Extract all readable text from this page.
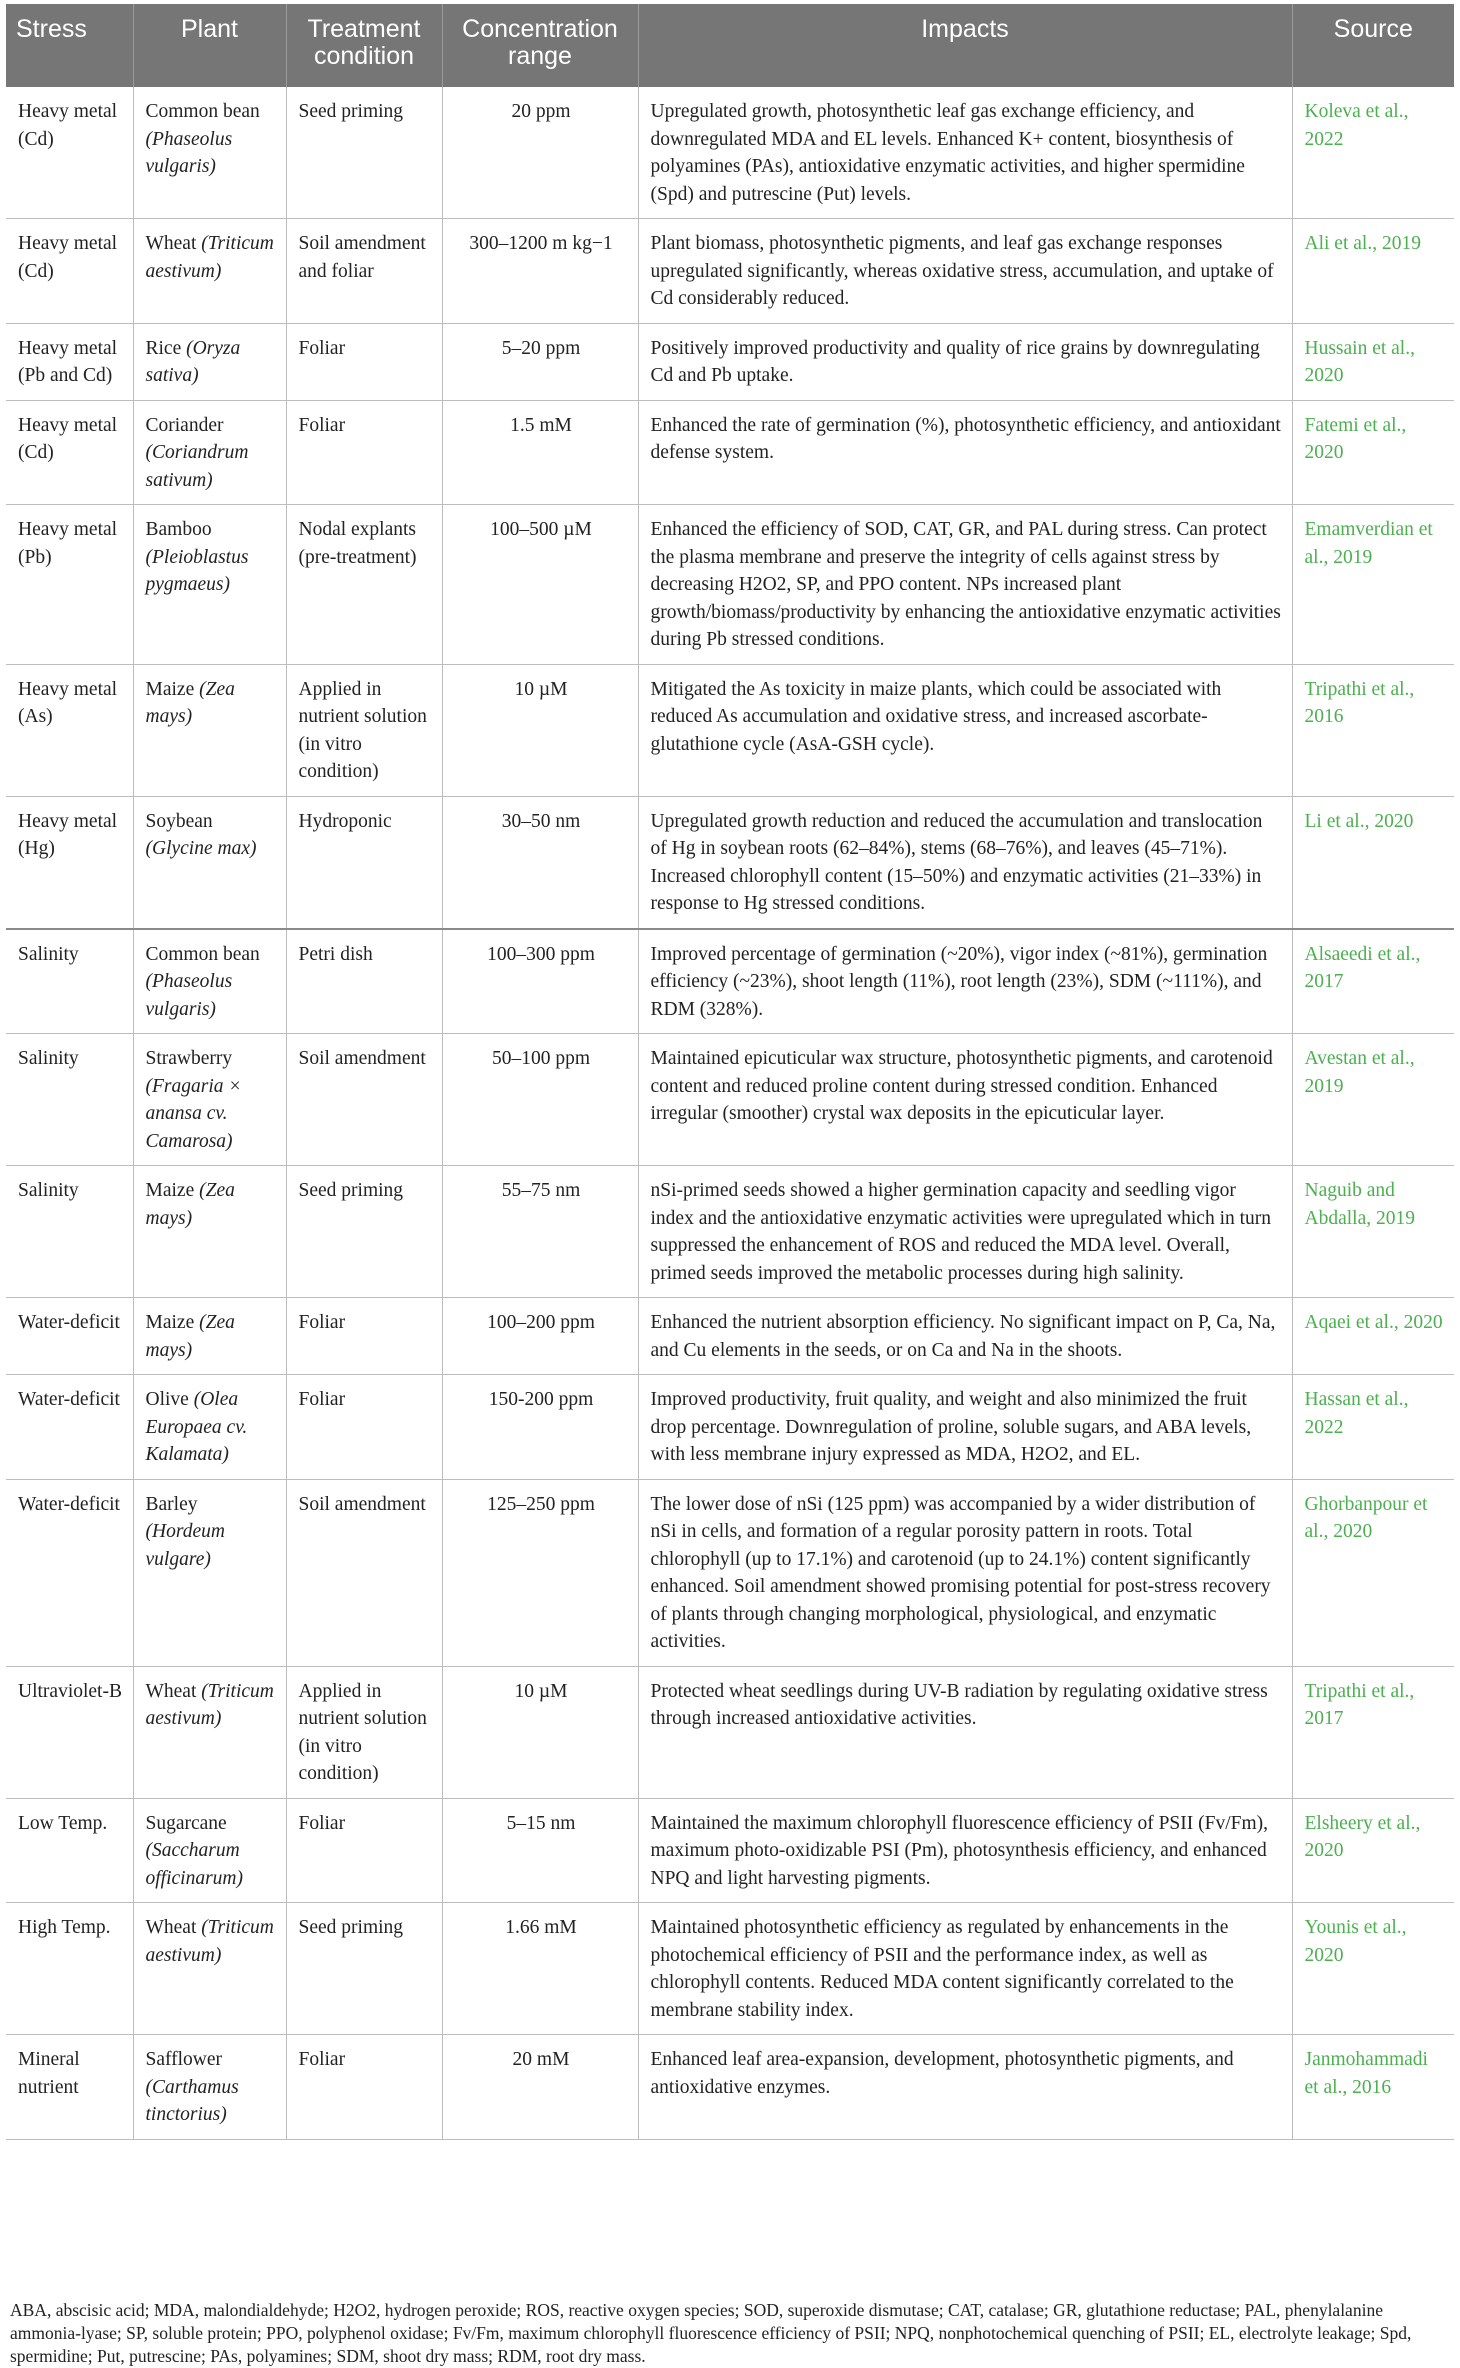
Stress	Plant	Treatment condition	Concentration range	Impacts	Source
Heavy metal (Cd)	Common bean (Phaseolus vulgaris)	Seed priming	20 ppm	Upregulated growth, photosynthetic leaf gas exchange efficiency, and downregulated MDA and EL levels. Enhanced K+ content, biosynthesis of polyamines (PAs), antioxidative enzymatic activities, and higher spermidine (Spd) and putrescine (Put) levels.	Koleva et al., 2022
Heavy metal (Cd)	Wheat (Triticum aestivum)	Soil amendment and foliar	300–1200 m kg−1	Plant biomass, photosynthetic pigments, and leaf gas exchange responses upregulated significantly, whereas oxidative stress, accumulation, and uptake of Cd considerably reduced.	Ali et al., 2019
Heavy metal (Pb and Cd)	Rice (Oryza sativa)	Foliar	5–20 ppm	Positively improved productivity and quality of rice grains by downregulating Cd and Pb uptake.	Hussain et al., 2020
Heavy metal (Cd)	Coriander (Coriandrum sativum)	Foliar	1.5 mM	Enhanced the rate of germination (%), photosynthetic efficiency, and antioxidant defense system.	Fatemi et al., 2020
Heavy metal (Pb)	Bamboo (Pleioblastus pygmaeus)	Nodal explants (pre-treatment)	100–500 µM	Enhanced the efficiency of SOD, CAT, GR, and PAL during stress. Can protect the plasma membrane and preserve the integrity of cells against stress by decreasing H2O2, SP, and PPO content. NPs increased plant growth/biomass/productivity by enhancing the antioxidative enzymatic activities during Pb stressed conditions.	Emamverdian et al., 2019
Heavy metal (As)	Maize (Zea mays)	Applied in nutrient solution (in vitro condition)	10 µM	Mitigated the As toxicity in maize plants, which could be associated with reduced As accumulation and oxidative stress, and increased ascorbate-glutathione cycle (AsA-GSH cycle).	Tripathi et al., 2016
Heavy metal (Hg)	Soybean (Glycine max)	Hydroponic	30–50 nm	Upregulated growth reduction and reduced the accumulation and translocation of Hg in soybean roots (62–84%), stems (68–76%), and leaves (45–71%). Increased chlorophyll content (15–50%) and enzymatic activities (21–33%) in response to Hg stressed conditions.	Li et al., 2020
Salinity	Common bean (Phaseolus vulgaris)	Petri dish	100–300 ppm	Improved percentage of germination (~20%), vigor index (~81%), germination efficiency (~23%), shoot length (11%), root length (23%), SDM (~111%), and RDM (328%).	Alsaeedi et al., 2017
Salinity	Strawberry (Fragaria × anansa cv. Camarosa)	Soil amendment	50–100 ppm	Maintained epicuticular wax structure, photosynthetic pigments, and carotenoid content and reduced proline content during stressed condition. Enhanced irregular (smoother) crystal wax deposits in the epicuticular layer.	Avestan et al., 2019
Salinity	Maize (Zea mays)	Seed priming	55–75 nm	nSi-primed seeds showed a higher germination capacity and seedling vigor index and the antioxidative enzymatic activities were upregulated which in turn suppressed the enhancement of ROS and reduced the MDA level. Overall, primed seeds improved the metabolic processes during high salinity.	Naguib and Abdalla, 2019
Water-deficit	Maize (Zea mays)	Foliar	100–200 ppm	Enhanced the nutrient absorption efficiency. No significant impact on P, Ca, Na, and Cu elements in the seeds, or on Ca and Na in the shoots.	Aqaei et al., 2020
Water-deficit	Olive (Olea Europaea cv. Kalamata)	Foliar	150-200 ppm	Improved productivity, fruit quality, and weight and also minimized the fruit drop percentage. Downregulation of proline, soluble sugars, and ABA levels, with less membrane injury expressed as MDA, H2O2, and EL.	Hassan et al., 2022
Water-deficit	Barley (Hordeum vulgare)	Soil amendment	125–250 ppm	The lower dose of nSi (125 ppm) was accompanied by a wider distribution of nSi in cells, and formation of a regular porosity pattern in roots. Total chlorophyll (up to 17.1%) and carotenoid (up to 24.1%) content significantly enhanced. Soil amendment showed promising potential for post-stress recovery of plants through changing morphological, physiological, and enzymatic activities.	Ghorbanpour et al., 2020
Ultraviolet-B	Wheat (Triticum aestivum)	Applied in nutrient solution (in vitro condition)	10 µM	Protected wheat seedlings during UV-B radiation by regulating oxidative stress through increased antioxidative activities.	Tripathi et al., 2017
Low Temp.	Sugarcane (Saccharum officinarum)	Foliar	5–15 nm	Maintained the maximum chlorophyll fluorescence efficiency of PSII (Fv/Fm), maximum photo-oxidizable PSI (Pm), photosynthesis efficiency, and enhanced NPQ and light harvesting pigments.	Elsheery et al., 2020
High Temp.	Wheat (Triticum aestivum)	Seed priming	1.66 mM	Maintained photosynthetic efficiency as regulated by enhancements in the photochemical efficiency of PSII and the performance index, as well as chlorophyll contents. Reduced MDA content significantly correlated to the membrane stability index.	Younis et al., 2020
Mineral nutrient	Safflower (Carthamus tinctorius)	Foliar	20 mM	Enhanced leaf area-expansion, development, photosynthetic pigments, and antioxidative enzymes.	Janmohammadi et al., 2016
ABA, abscisic acid; MDA, malondialdehyde; H2O2, hydrogen peroxide; ROS, reactive oxygen species; SOD, superoxide dismutase; CAT, catalase; GR, glutathione reductase; PAL, phenylalanine ammonia-lyase; SP, soluble protein; PPO, polyphenol oxidase; Fv/Fm, maximum chlorophyll fluorescence efficiency of PSII; NPQ, nonphotochemical quenching of PSII; EL, electrolyte leakage; Spd, spermidine; Put, putrescine; PAs, polyamines; SDM, shoot dry mass; RDM, root dry mass.
